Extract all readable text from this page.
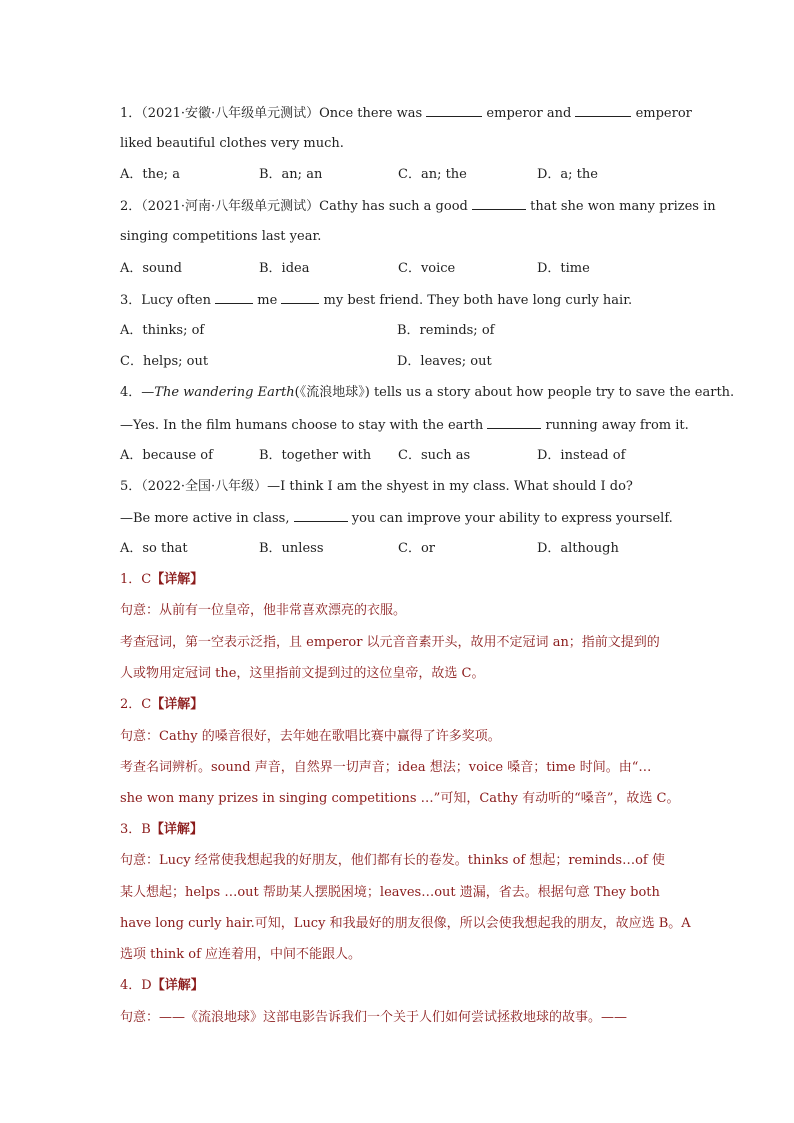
1．（2021·安徽·八年级单元测试）Once there was	emperor and	emperor
liked beautiful clothes very much.
A．the; a	B．an; an	C．an; the	D．a; the
2．（2021·河南·八年级单元测试）Cathy has such a good	that she won many prizes in
singing competitions last year.
A．sound	B．idea	C．voice	D．time
3．Lucy often	me	my best friend. They both have long curly hair.
A．thinks; of	B．reminds; of
C．helps; out	D．leaves; out
4．—The wandering Earth(《流浪地球》) tells us a story about how people try to save the earth.
—Yes. In the film humans choose to stay with the earth	running away from it.
A．because of	B．together with	C．such as	D．instead of
5．（2022·全国·八年级）—I think I am the shyest in my class. What should I do?
—Be more active in class,	you can improve your ability to express yourself.
A．so that	B．unless	C．or	D．although
1．C【详解】
句意：从前有一位皇帝，他非常喜欢漂亮的衣服。
考查冠词，第一空表示泛指，且 emperor 以元音音素开头，故用不定冠词 an；指前文提到的
人或物用定冠词 the，这里指前文提到过的这位皇帝，故选 C。
2．C【详解】
句意：Cathy 的嗓音很好，去年她在歌唱比赛中赢得了许多奖项。
考查名词辨析。sound 声音，自然界一切声音；idea 想法；voice 嗓音；time 时间。由“…
she won many prizes in singing competitions …”可知，Cathy 有动听的“嗓音”，故选 C。
3．B【详解】
句意：Lucy 经常使我想起我的好朋友，他们都有长的卷发。thinks of 想起；reminds…of 使
某人想起；helps …out 帮助某人摆脱困境；leaves…out 遗漏，省去。根据句意 They both
have long curly hair.可知，Lucy 和我最好的朋友很像，所以会使我想起我的朋友，故应选 B。A
选项 think of 应连着用，中间不能跟人。
4．D【详解】
句意：——《流浪地球》这部电影告诉我们一个关于人们如何尝试拯救地球的故事。——
